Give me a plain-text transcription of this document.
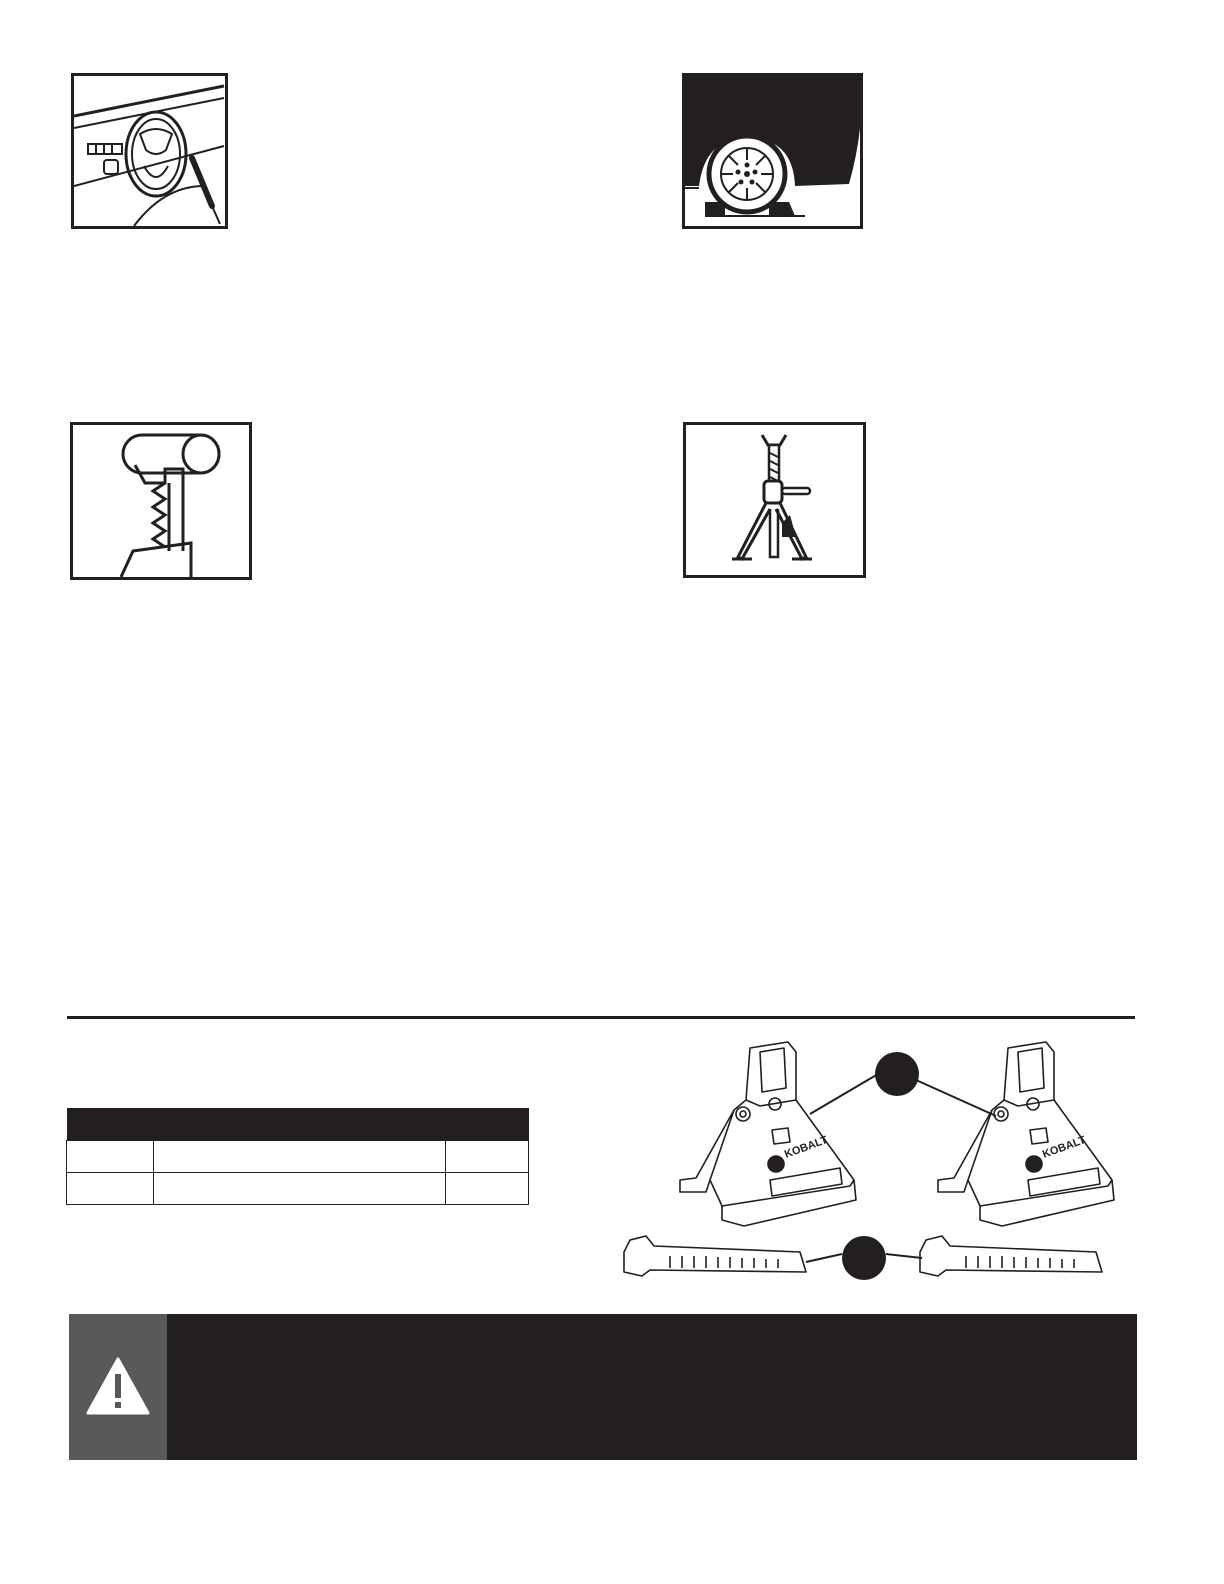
KOBALT	KOBALT
